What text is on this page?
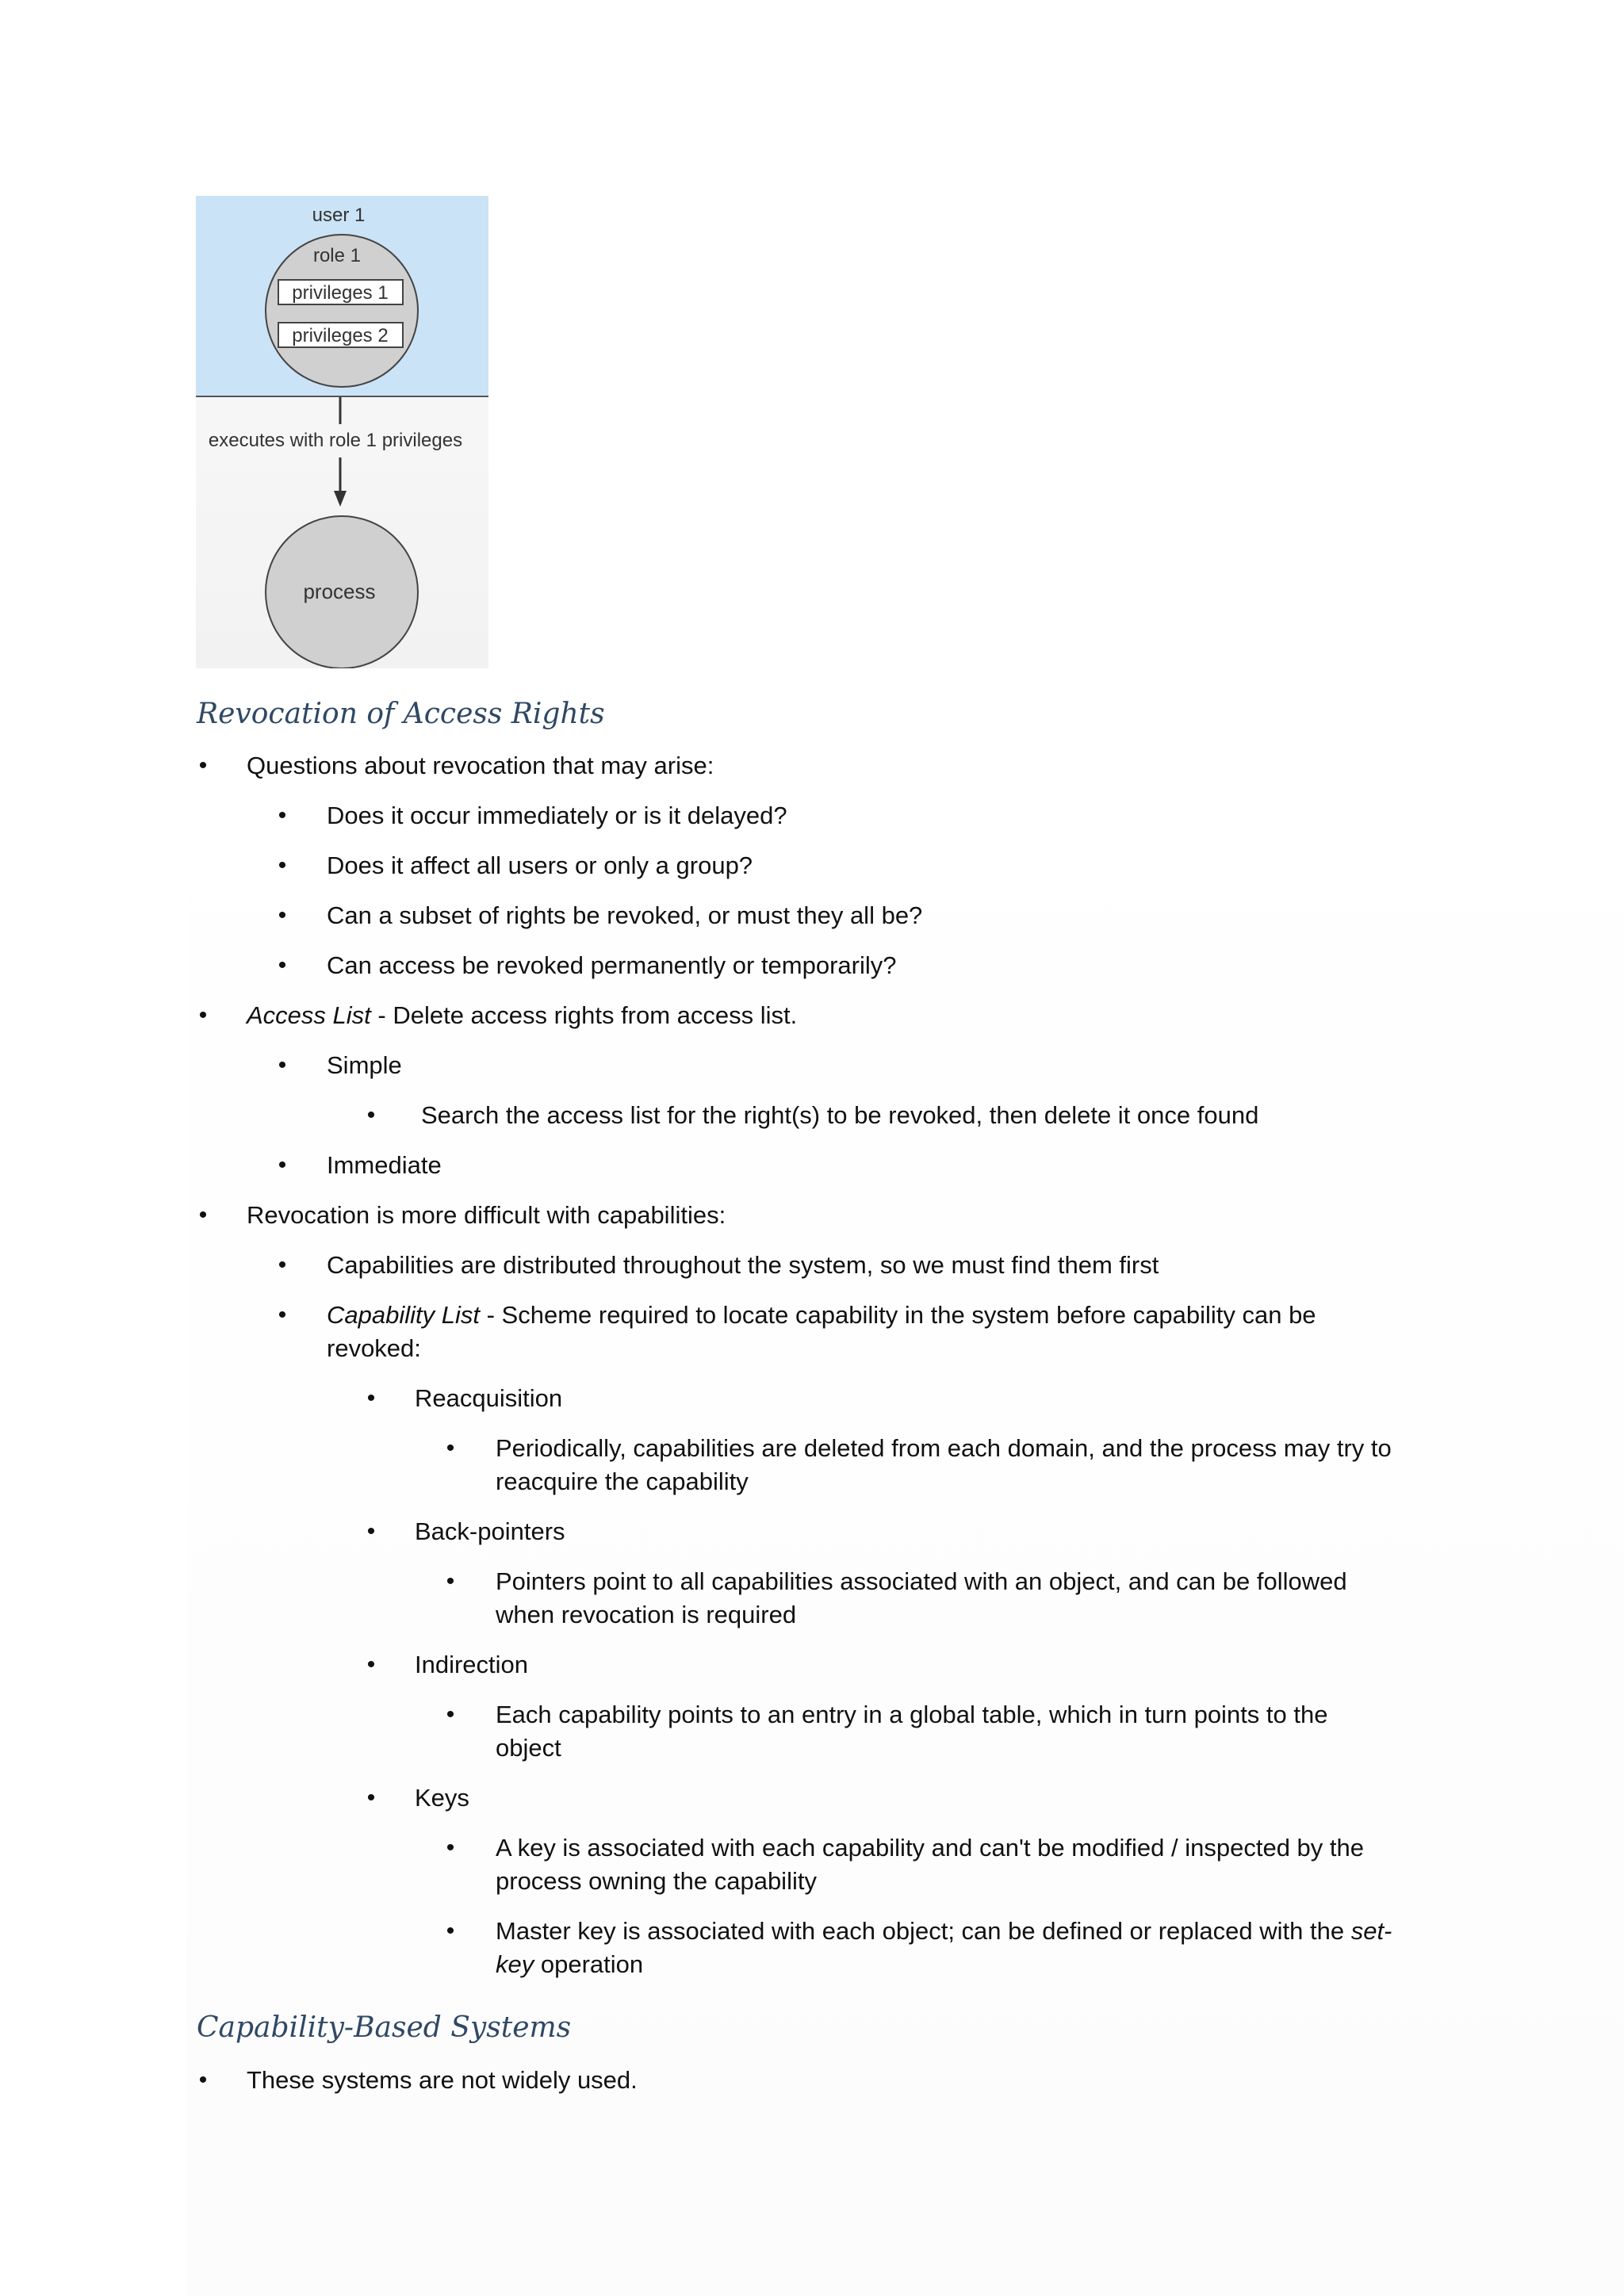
user 1
role 1
privileges 1
privileges 2
executes with role 1 privileges
process
Revocation of Access Rights
• Questions about revocation that may arise:
• Does it occur immediately or is it delayed?
• Does it affect all users or only a group?
• Can a subset of rights be revoked, or must they all be?
• Can access be revoked permanently or temporarily?
• Access List - Delete access rights from access list.
• Simple
• Search the access list for the right(s) to be revoked, then delete it once found
• Immediate
• Revocation is more difficult with capabilities:
• Capabilities are distributed throughout the system, so we must find them first
• Capability List - Scheme required to locate capability in the system before capability can be
revoked:
• Reacquisition
• Periodically, capabilities are deleted from each domain, and the process may try to
reacquire the capability
• Back-pointers
• Pointers point to all capabilities associated with an object, and can be followed
when revocation is required
• Indirection
• Each capability points to an entry in a global table, which in turn points to the
object
• Keys
• A key is associated with each capability and can't be modified / inspected by the
process owning the capability
• Master key is associated with each object; can be defined or replaced with the set-
key operation
Capability-Based Systems
• These systems are not widely used.
